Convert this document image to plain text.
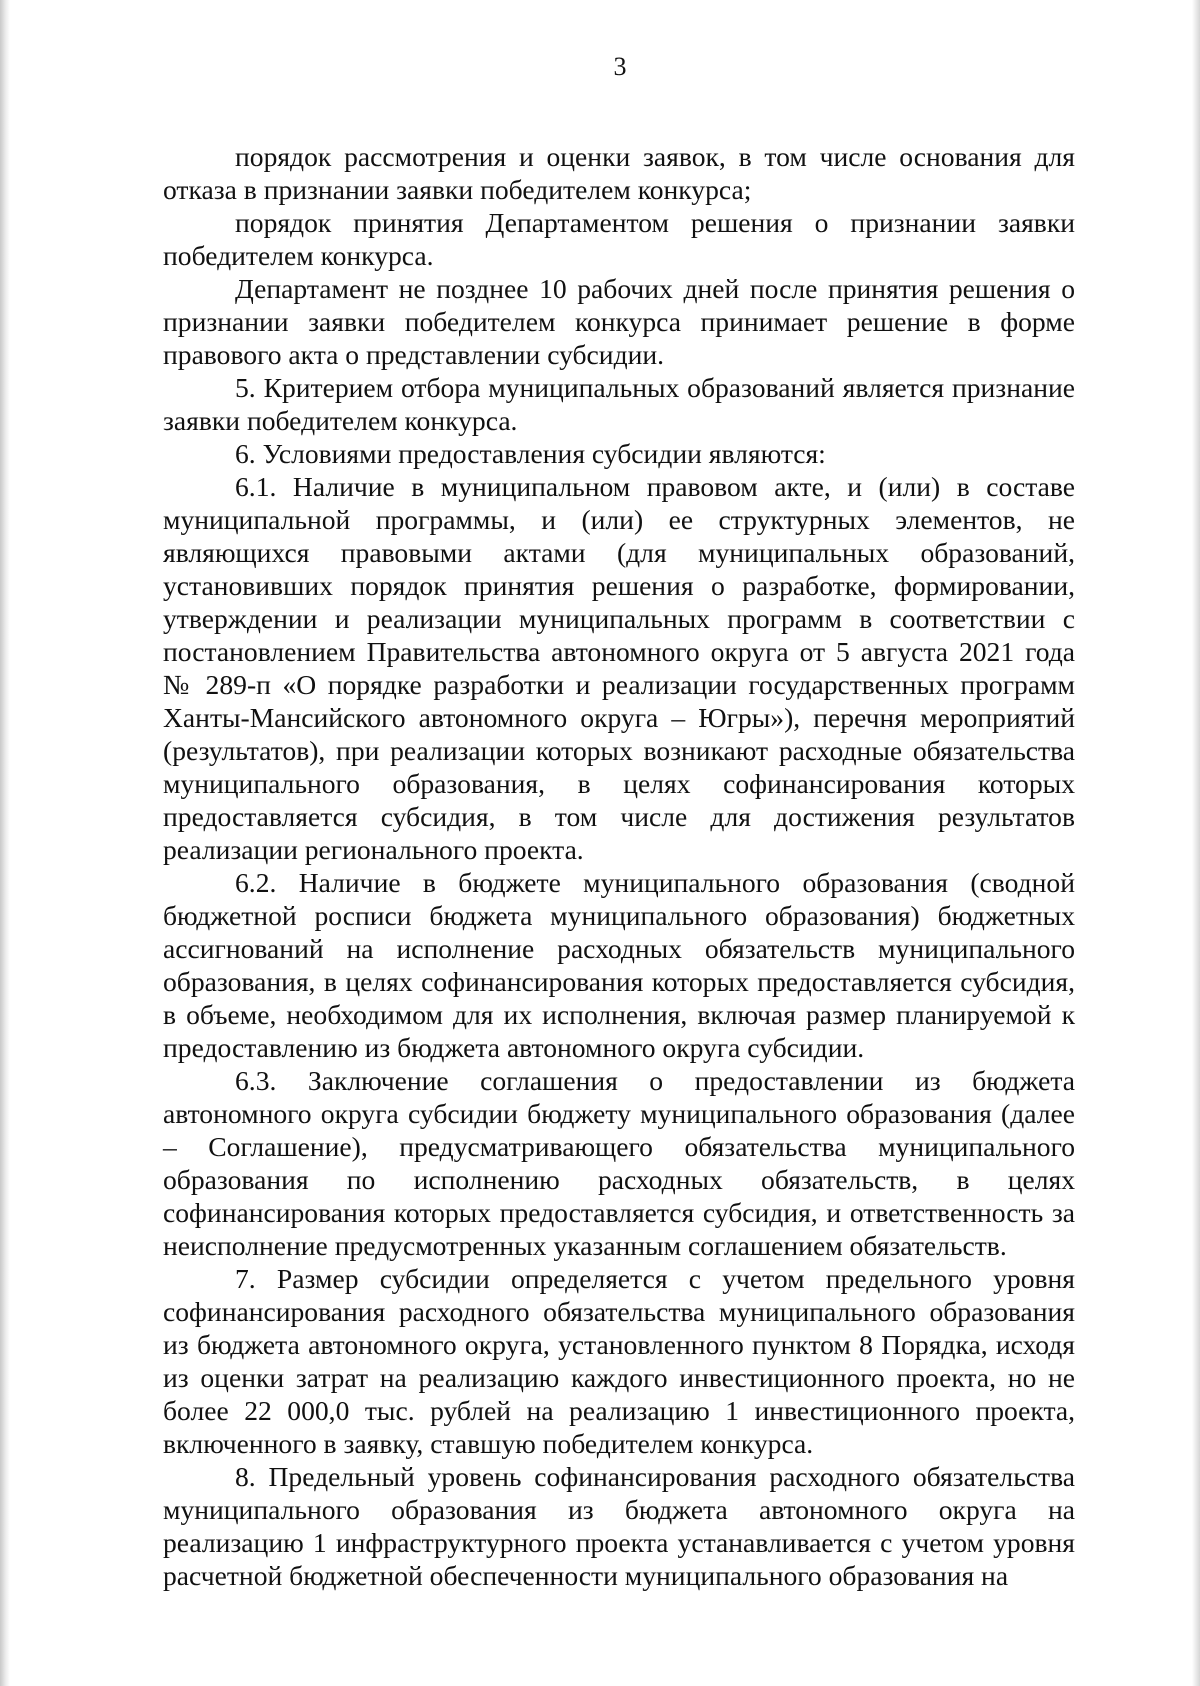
3

порядок рассмотрения и оценки заявок, в том числе основания для отказа в признании заявки победителем конкурса;

порядок принятия Департаментом решения о признании заявки победителем конкурса.

Департамент не позднее 10 рабочих дней после принятия решения о признании заявки победителем конкурса принимает решение в форме правового акта о представлении субсидии.

5. Критерием отбора муниципальных образований является признание заявки победителем конкурса.

6. Условиями предоставления субсидии являются:

6.1. Наличие в муниципальном правовом акте, и (или) в составе муниципальной программы, и (или) ее структурных элементов, не являющихся правовыми актами (для муниципальных образований, установивших порядок принятия решения о разработке, формировании, утверждении и реализации муниципальных программ в соответствии с постановлением Правительства автономного округа от 5 августа 2021 года № 289-п «О порядке разработки и реализации государственных программ Ханты-Мансийского автономного округа – Югры»), перечня мероприятий (результатов), при реализации которых возникают расходные обязательства муниципального образования, в целях софинансирования которых предоставляется субсидия, в том числе для достижения результатов реализации регионального проекта.

6.2. Наличие в бюджете муниципального образования (сводной бюджетной росписи бюджета муниципального образования) бюджетных ассигнований на исполнение расходных обязательств муниципального образования, в целях софинансирования которых предоставляется субсидия, в объеме, необходимом для их исполнения, включая размер планируемой к предоставлению из бюджета автономного округа субсидии.

6.3. Заключение соглашения о предоставлении из бюджета автономного округа субсидии бюджету муниципального образования (далее – Соглашение), предусматривающего обязательства муниципального образования по исполнению расходных обязательств, в целях софинансирования которых предоставляется субсидия, и ответственность за неисполнение предусмотренных указанным соглашением обязательств.

7. Размер субсидии определяется с учетом предельного уровня софинансирования расходного обязательства муниципального образования из бюджета автономного округа, установленного пунктом 8 Порядка, исходя из оценки затрат на реализацию каждого инвестиционного проекта, но не более 22 000,0 тыс. рублей на реализацию 1 инвестиционного проекта, включенного в заявку, ставшую победителем конкурса.

8. Предельный уровень софинансирования расходного обязательства муниципального образования из бюджета автономного округа на реализацию 1 инфраструктурного проекта устанавливается с учетом уровня расчетной бюджетной обеспеченности муниципального образования на
